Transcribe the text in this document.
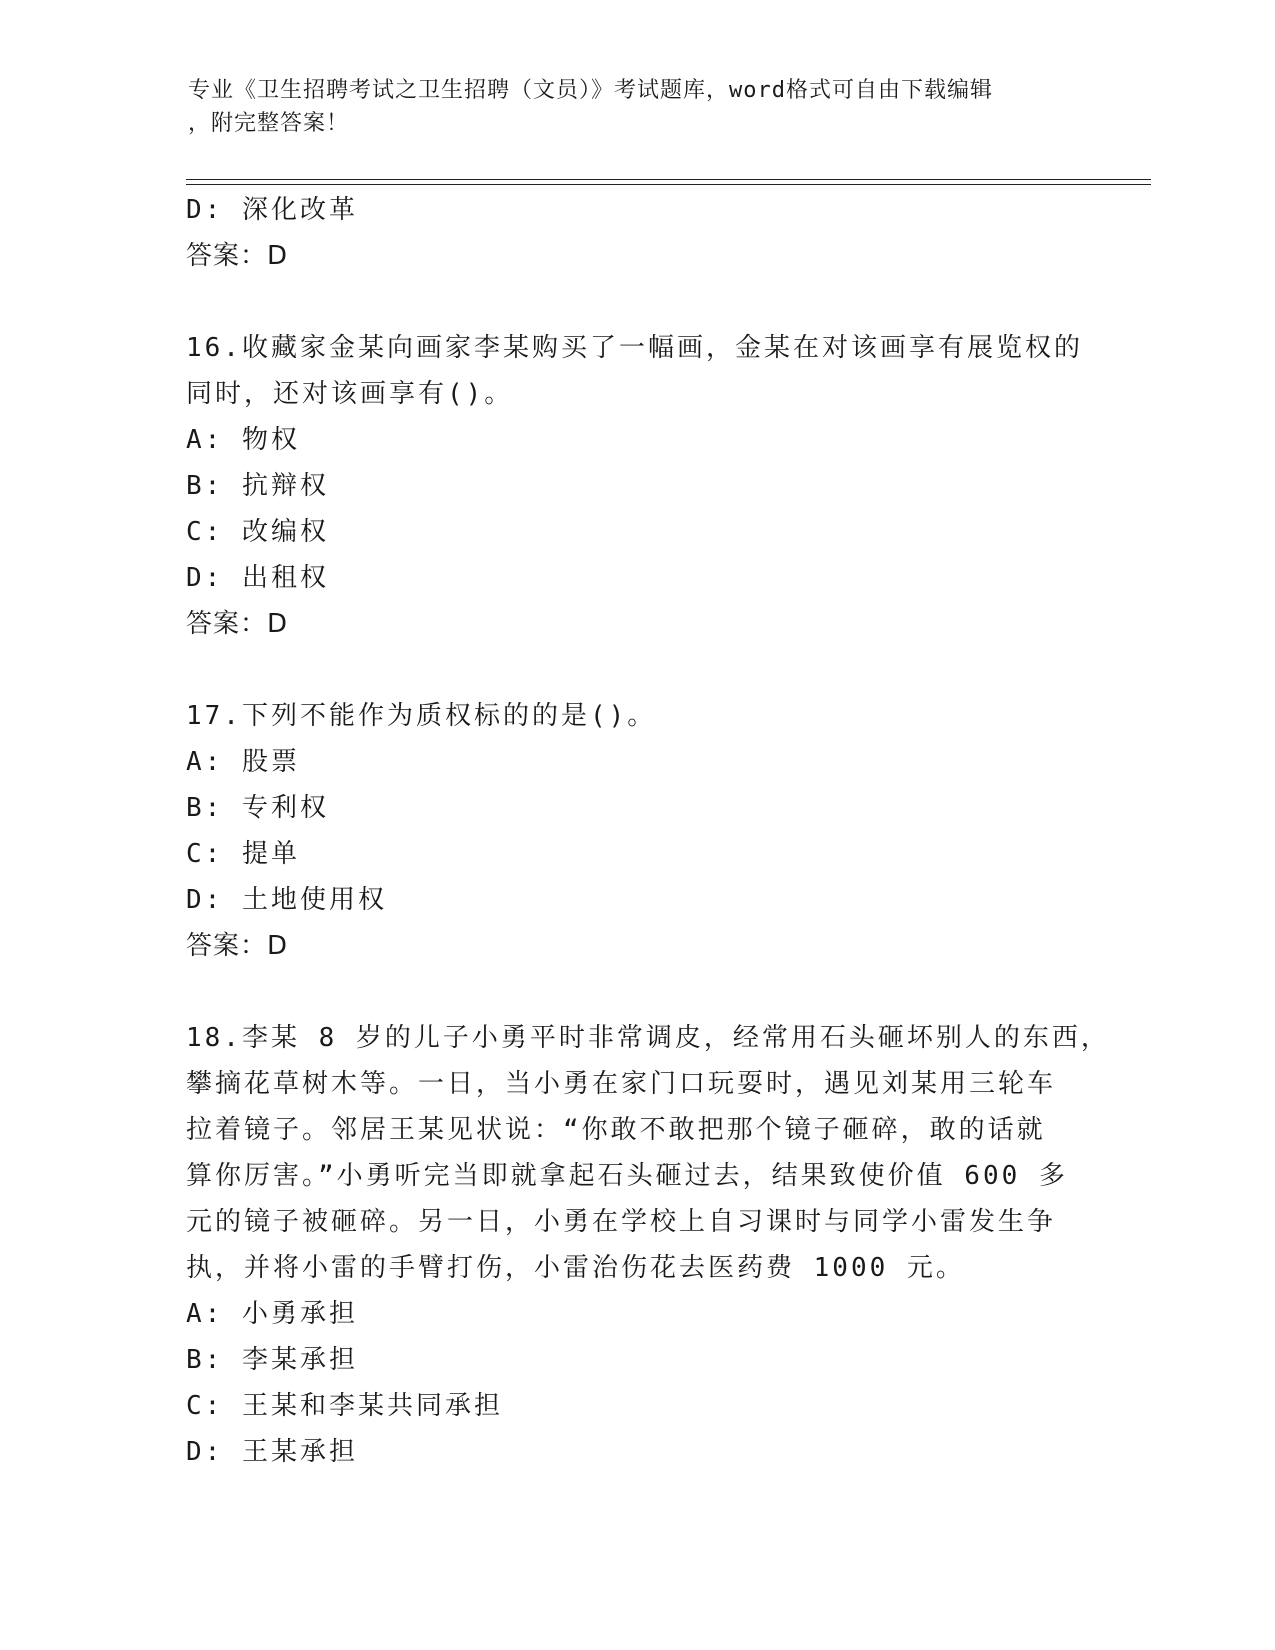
专业《卫生招聘考试之卫生招聘（文员）》考试题库，word格式可自由下载编辑
，附完整答案！
D: 深化改革
答案：D
16.收藏家金某向画家李某购买了一幅画，金某在对该画享有展览权的
同时，还对该画享有()。
A: 物权
B: 抗辩权
C: 改编权
D: 出租权
答案：D
17.下列不能作为质权标的的是()。
A: 股票
B: 专利权
C: 提单
D: 土地使用权
答案：D
18.李某 8 岁的儿子小勇平时非常调皮，经常用石头砸坏别人的东西，
攀摘花草树木等。一日，当小勇在家门口玩耍时，遇见刘某用三轮车
拉着镜子。邻居王某见状说：“你敢不敢把那个镜子砸碎，敢的话就
算你厉害。”小勇听完当即就拿起石头砸过去，结果致使价值 600 多
元的镜子被砸碎。另一日，小勇在学校上自习课时与同学小雷发生争
执，并将小雷的手臂打伤，小雷治伤花去医药费 1000 元。
A: 小勇承担
B: 李某承担
C: 王某和李某共同承担
D: 王某承担
